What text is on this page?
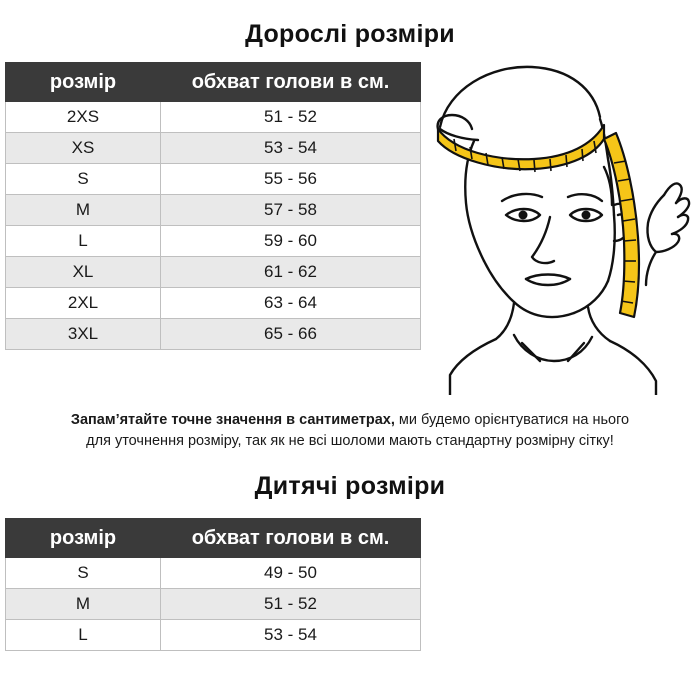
Дорослі розміри
розмір	обхват голови в см.
2XS	51 - 52
XS	53 - 54
S	55 - 56
M	57 - 58
L	59 - 60
XL	61 - 62
2XL	63 - 64
3XL	65 - 66
Запам’ятайте точне значення в сантиметрах, ми будемо орієнтуватися на нього
для уточнення розміру, так як не всі шоломи мають стандартну розмірну сітку!
Дитячі розміри
розмір	обхват голови в см.
S	49 - 50
M	51 - 52
L	53 - 54
